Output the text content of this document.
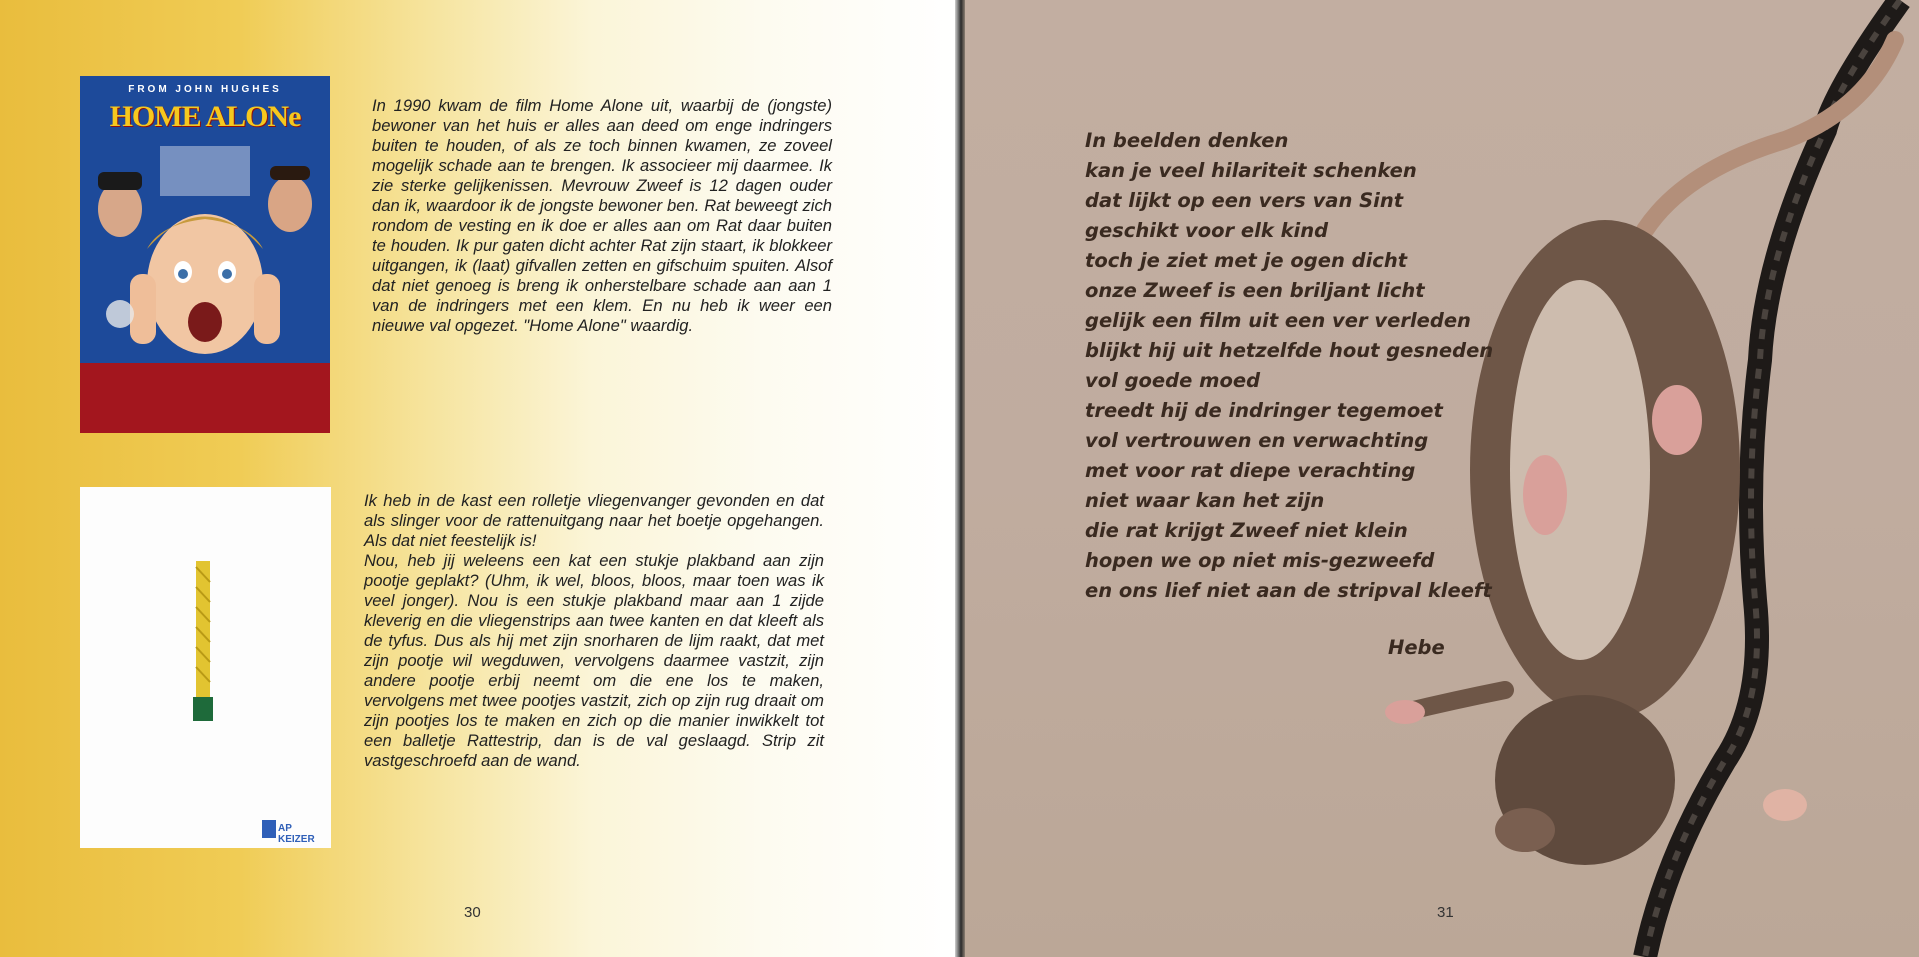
FROM JOHN HUGHES
HOME ALONe	In 1990 kwam de film Home Alone uit, waarbij de (jongste) bewoner van het huis er alles aan deed om enge indringers buiten te houden, of als ze toch binnen kwamen, ze zoveel mogelijk schade aan te brengen. Ik associeer mij daarmee. Ik zie sterke gelijkenissen. Mevrouw Zweef is 12 dagen ouder dan ik, waardoor ik de jongste bewoner ben. Rat beweegt zich rondom de vesting en ik doe er alles aan om Rat daar buiten te houden. Ik pur gaten dicht achter Rat zijn staart, ik blokkeer uitgangen, ik (laat) gifvallen zetten en gifschuim spuiten. Alsof dat niet genoeg is breng ik onherstelbare schade aan aan 1 van de indringers met een klem. En nu heb ik weer een nieuwe val opgezet. "Home Alone" waardig.

AP KEIZER

Ik heb in de kast een rolletje vliegenvanger gevonden en dat als slinger voor de rattenuitgang naar het boetje opgehangen. Als dat niet feestelijk is!

Nou, heb jij weleens een kat een stukje plakband aan zijn pootje geplakt? (Uhm, ik wel, bloos, bloos, maar toen was ik veel jonger). Nou is een stukje plakband maar aan 1 zijde kleverig en die vliegenstrips aan twee kanten en dat kleeft als de tyfus. Dus als hij met zijn snorharen de lijm raakt, dat met zijn pootje wil wegduwen, vervolgens daarmee vastzit, zijn andere pootje erbij neemt om die ene los te maken, vervolgens met twee pootjes vastzit, zich op zijn rug draait om zijn pootjes los te maken en zich op die manier inwikkelt tot een balletje Rattestrip, dan is de val geslaagd. Strip zit vastgeschroefd aan de wand.

30	31
In beelden denken
kan je veel hilariteit schenken
dat lijkt op een vers van Sint
geschikt voor elk kind
toch je ziet met je ogen dicht
onze Zweef is een briljant licht
gelijk een film uit een ver verleden
blijkt hij uit hetzelfde hout gesneden
vol goede moed
treedt hij de indringer tegemoet
vol vertrouwen en verwachting
met voor rat diepe verachting
niet waar kan het zijn
die rat krijgt Zweef niet klein
hopen we op niet mis-gezweefd
en ons lief niet aan de stripval kleeft
Hebe
